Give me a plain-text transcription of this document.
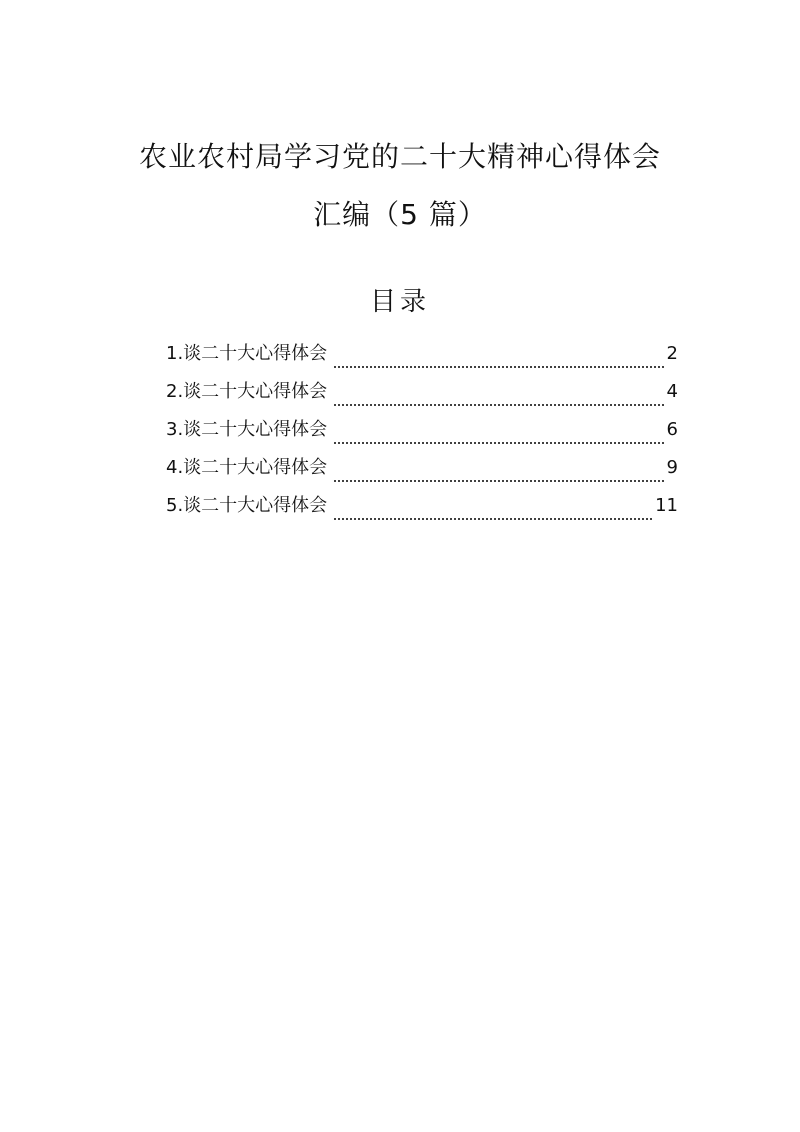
农业农村局学习党的二十大精神心得体会
汇编（5 篇）
目录
1.谈二十大心得体会	2
2.谈二十大心得体会	4
3.谈二十大心得体会	6
4.谈二十大心得体会	9
5.谈二十大心得体会	11
